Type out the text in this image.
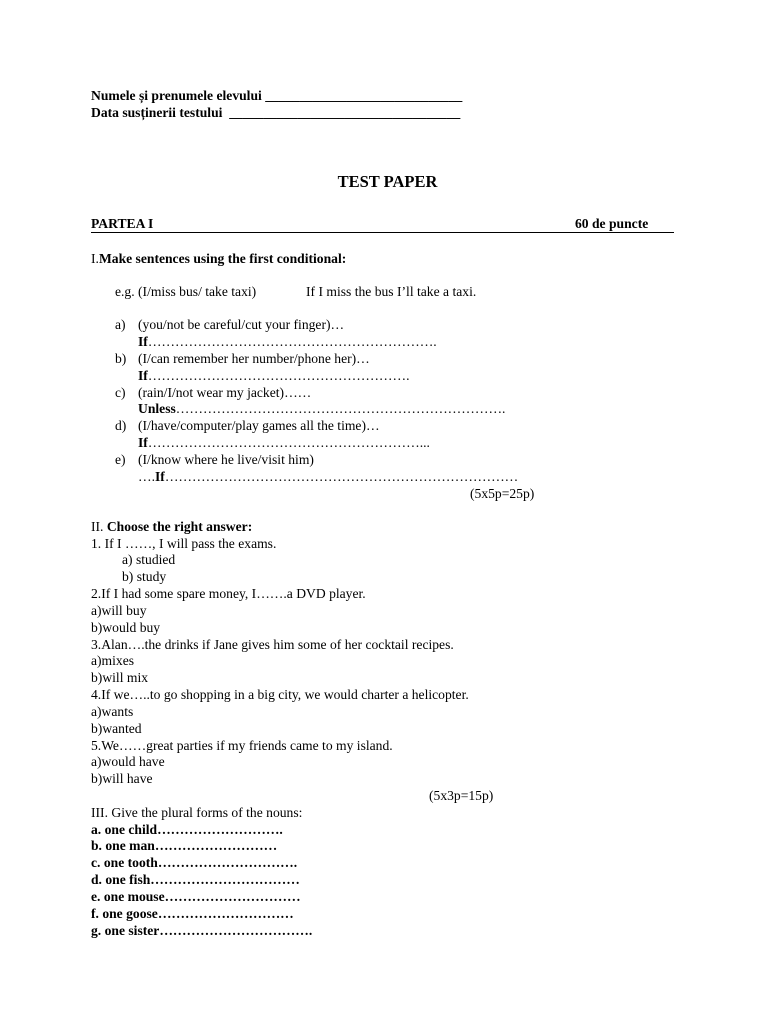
Numele și prenumele elevului _____________________________
Data susținerii testului __________________________________
TEST PAPER
PARTEA I	60 de puncte
I.Make sentences using the first conditional:
e.g. (I/miss bus/ take taxi)	If I miss the bus I’ll take a taxi.
a) (you/not be careful/cut your finger)…
If……………………………………………………….
b) (I/can remember her number/phone her)…
If………………………………………………….
c) (rain/I/not wear my jacket)……
Unless……………………………………………………………….
d) (I/have/computer/play games all the time)…
If……………………………………………………...
e) (I/know where he live/visit him)
….If……………………………………………………………………
(5x5p=25p)
II. Choose the right answer:
1. If I ……, I will pass the exams.
a) studied
b) study
2.If I had some spare money, I…….a DVD player.
a)will buy
b)would buy
3.Alan….the drinks if Jane gives him some of her cocktail recipes.
a)mixes
b)will mix
4.If we…..to go shopping in a big city, we would charter a helicopter.
a)wants
b)wanted
5.We……great parties if my friends came to my island.
a)would have
b)will have
(5x3p=15p)
III. Give the plural forms of the nouns:
a. one child……………………….
b. one man………………………
c. one tooth………………………….
d. one fish……………………………
e. one mouse…………………………
f. one goose…………………………
g. one sister…………………………….
